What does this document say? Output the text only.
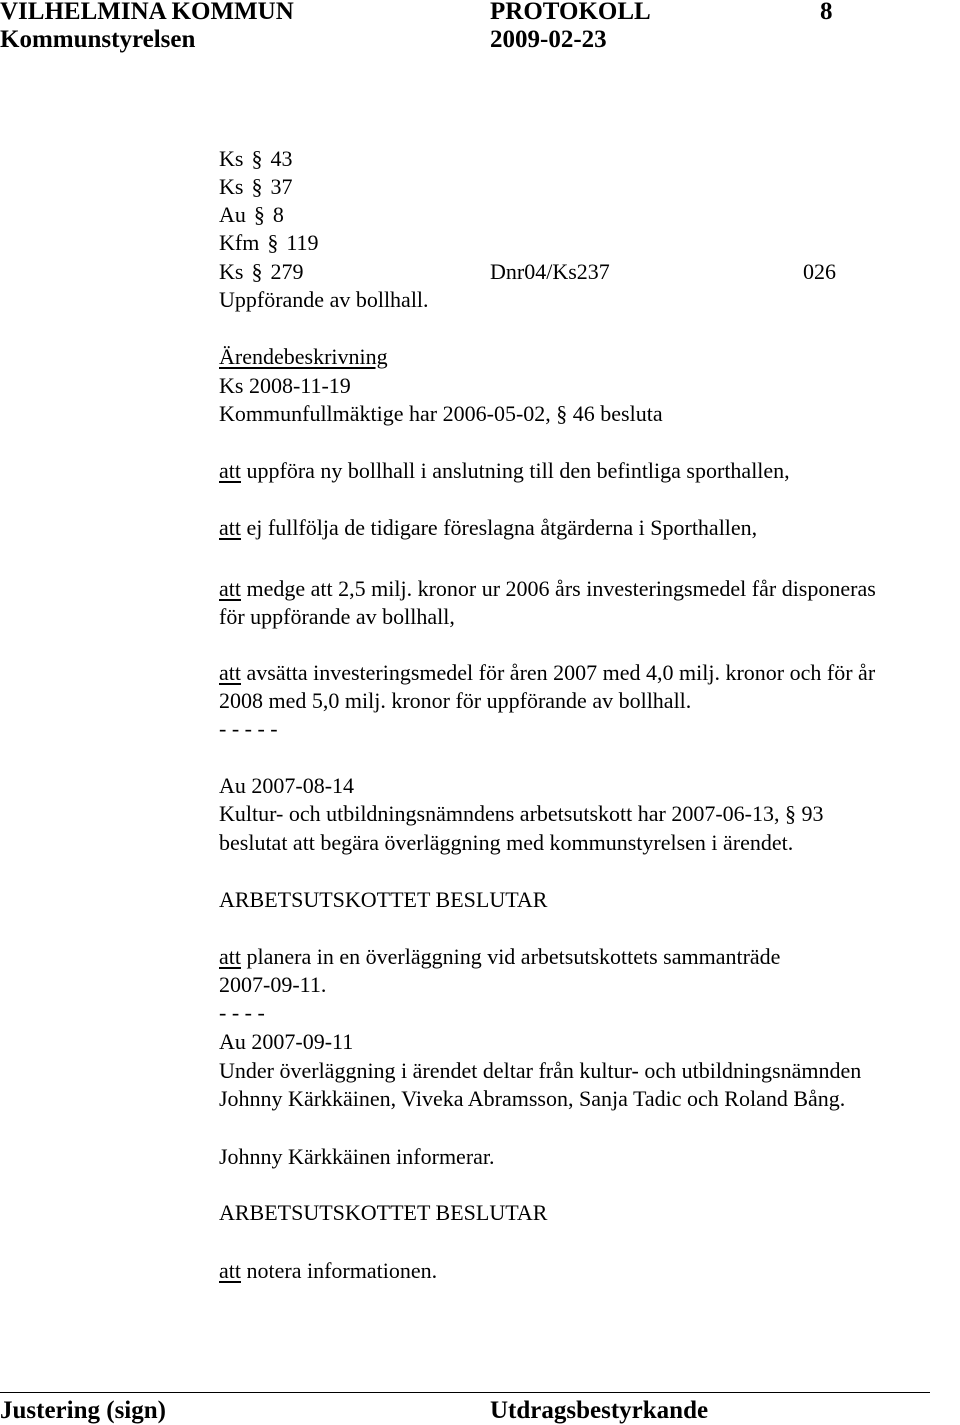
VILHELMINA KOMMUN	PROTOKOLL	8
Kommunstyrelsen	2009-02-23
Ks § 43
Ks § 37
Au § 8
Kfm § 119
Ks § 279	Dnr04/Ks237	026
Uppförande av bollhall.
Ärendebeskrivning
Ks 2008-11-19
Kommunfullmäktige har 2006-05-02, § 46 besluta
att uppföra ny bollhall i anslutning till den befintliga sporthallen,
att ej fullfölja de tidigare föreslagna åtgärderna i Sporthallen,
att medge att 2,5 milj. kronor ur 2006 års investeringsmedel får disponeras
för uppförande av bollhall,
att avsätta investeringsmedel för åren 2007 med 4,0 milj. kronor och för år
2008 med 5,0 milj. kronor för uppförande av bollhall.
- - - - -
Au 2007-08-14
Kultur- och utbildningsnämndens arbetsutskott har 2007-06-13, § 93
beslutat att begära överläggning med kommunstyrelsen i ärendet.
ARBETSUTSKOTTET BESLUTAR
att planera in en överläggning vid arbetsutskottets sammanträde
2007-09-11.
- - - -
Au 2007-09-11
Under överläggning i ärendet deltar från kultur- och utbildningsnämnden
Johnny Kärkkäinen, Viveka Abramsson, Sanja Tadic och Roland Bång.
Johnny Kärkkäinen informerar.
ARBETSUTSKOTTET BESLUTAR
att notera informationen.
Justering (sign)	Utdragsbestyrkande
